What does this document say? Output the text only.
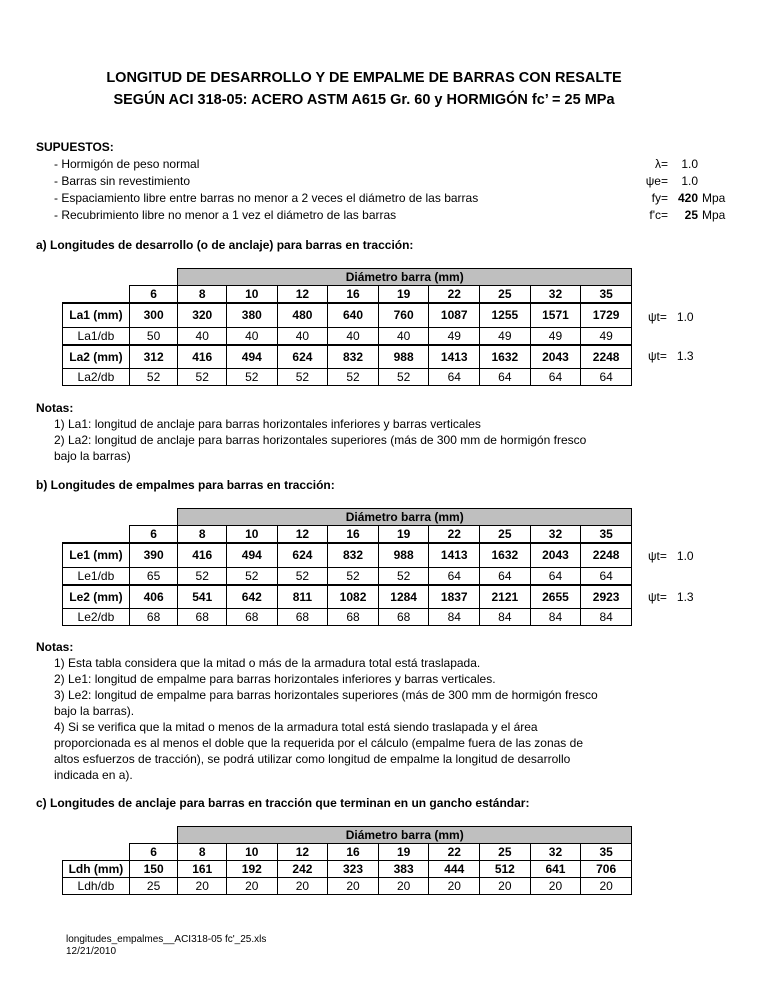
LONGITUD DE DESARROLLO Y DE EMPALME DE BARRAS CON RESALTE
SEGÚN ACI 318-05: ACERO ASTM A615 Gr. 60 y HORMIGÓN fc’ = 25 MPa
SUPUESTOS:
- Hormigón de peso normal
- Barras sin revestimiento
- Espaciamiento libre entre barras no menor a 2 veces el diámetro de las barras
- Recubrimiento libre no menor a 1 vez el diámetro de las barras
λ=	1.0
ψe=	1.0
fy= 420 Mpa
f'c=	25 Mpa
a) Longitudes de desarrollo (o de anclaje) para barras en tracción:
		Diámetro barra (mm)								
	6	8	10	12	16	19	22	25	32	35
La1 (mm)	300	320	380	480	640	760	1087	1255	1571	1729
La1/db	50	40	40	40	40	40	49	49	49	49
La2 (mm)	312	416	494	624	832	988	1413	1632	2043	2248
La2/db	52	52	52	52	52	52	64	64	64	64
ψt= 1.0
ψt= 1.3

Notas:

1) La1: longitud de anclaje para barras horizontales inferiores y barras verticales

2) La2: longitud de anclaje para barras horizontales superiores (más de 300 mm de hormigón fresco

bajo la barras)

b) Longitudes de empalmes para barras en tracción:
		Diámetro barra (mm)								
	6	8	10	12	16	19	22	25	32	35
Le1 (mm)	390	416	494	624	832	988	1413	1632	2043	2248
Le1/db	65	52	52	52	52	52	64	64	64	64
Le2 (mm)	406	541	642	811	1082	1284	1837	2121	2655	2923
Le2/db	68	68	68	68	68	68	84	84	84	84
ψt= 1.0
ψt= 1.3

Notas:

1) Esta tabla considera que la mitad o más de la armadura total está traslapada.

2) Le1: longitud de empalme para barras horizontales inferiores y barras verticales.

3) Le2: longitud de empalme para barras horizontales superiores (más de 300 mm de hormigón fresco

bajo la barras).

4) Si se verifica que la mitad o menos de la armadura total está siendo traslapada y el área

proporcionada es al menos el doble que la requerida por el cálculo (empalme fuera de las zonas de

altos esfuerzos de tracción), se podrá utilizar como longitud de empalme la longitud de desarrollo

indicada en a).

c) Longitudes de anclaje para barras en tracción que terminan en un gancho estándar:
		Diámetro barra (mm)								
	6	8	10	12	16	19	22	25	32	35
Ldh (mm)	150	161	192	242	323	383	444	512	641	706
Ldh/db	25	20	20	20	20	20	20	20	20	20
longitudes_empalmes__ACI318-05 fc'_25.xls
12/21/2010
